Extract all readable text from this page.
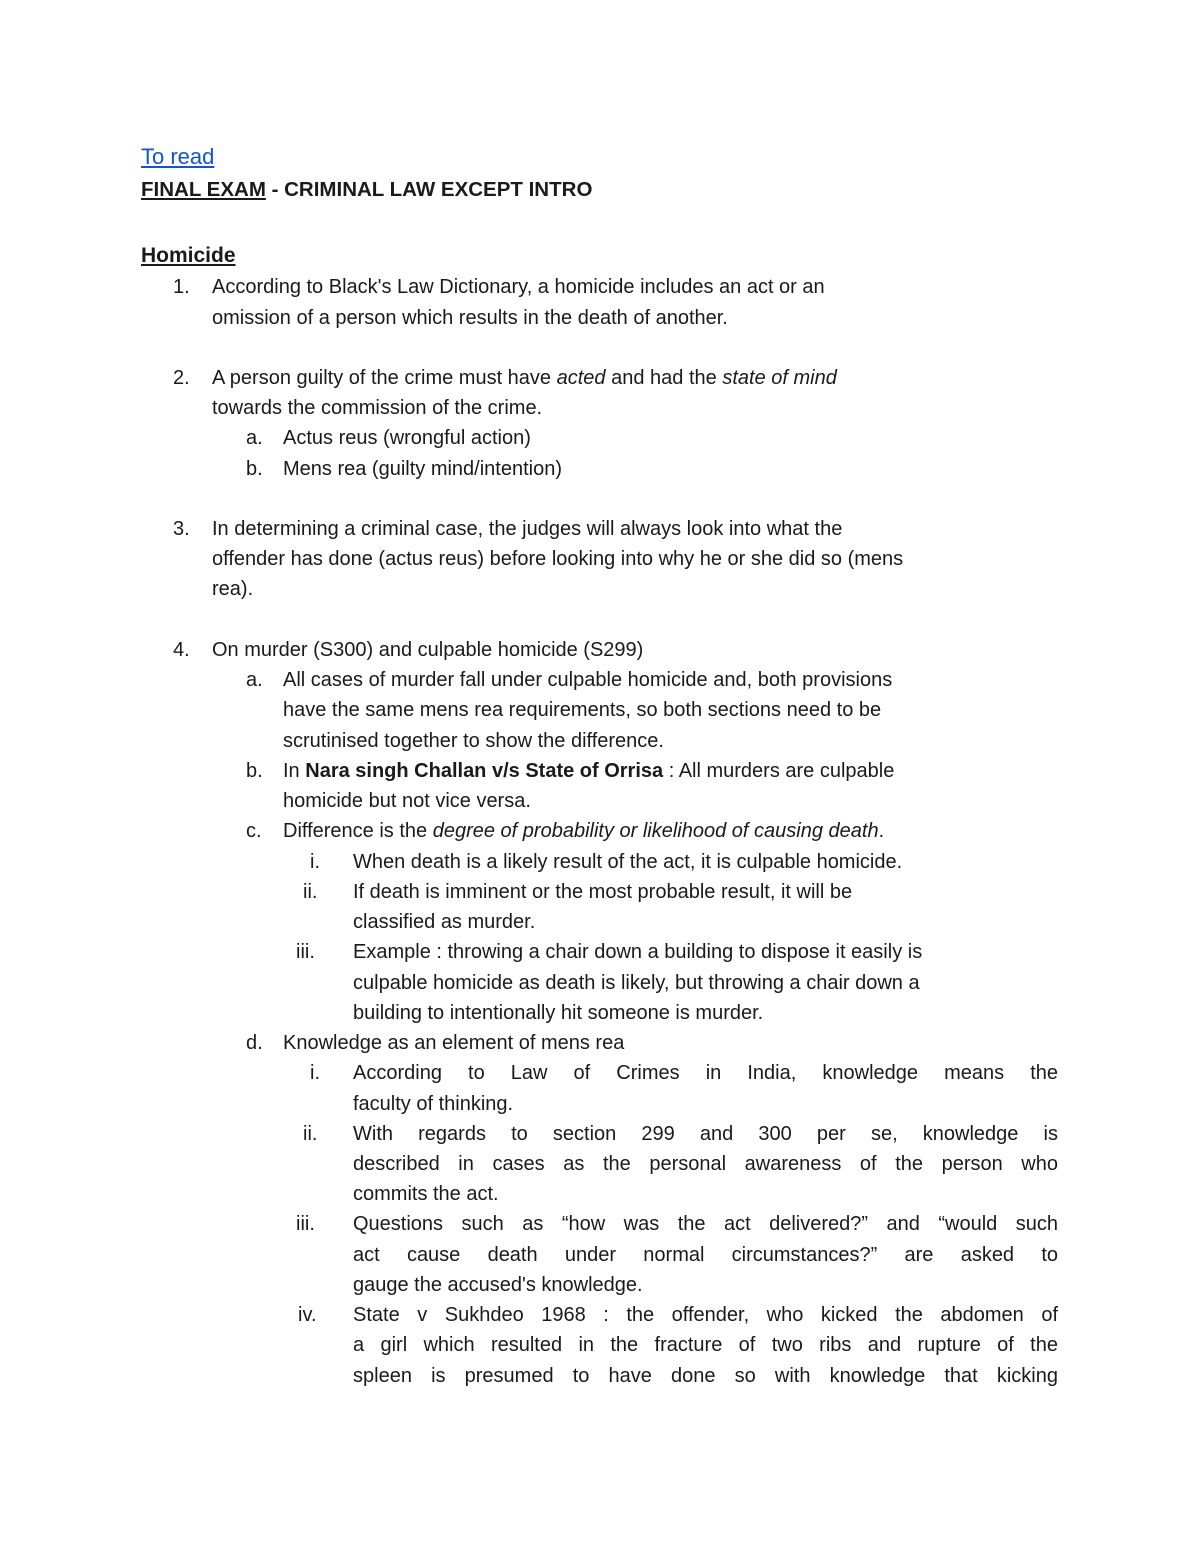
To read
FINAL EXAM - CRIMINAL LAW EXCEPT INTRO
Homicide
1. According to Black's Law Dictionary, a homicide includes an act or an
omission of a person which results in the death of another.
2. A person guilty of the crime must have acted and had the state of mind
towards the commission of the crime.
a. Actus reus (wrongful action)
b. Mens rea (guilty mind/intention)
3. In determining a criminal case, the judges will always look into what the
offender has done (actus reus) before looking into why he or she did so (mens
rea).
4. On murder (S300) and culpable homicide (S299)
a. All cases of murder fall under culpable homicide and, both provisions
have the same mens rea requirements, so both sections need to be
scrutinised together to show the difference.
b. In Nara singh Challan v/s State of Orrisa : All murders are culpable
homicide but not vice versa.
c. Difference is the degree of probability or likelihood of causing death.
i. When death is a likely result of the act, it is culpable homicide.
ii. If death is imminent or the most probable result, it will be
classified as murder.
iii. Example : throwing a chair down a building to dispose it easily is
culpable homicide as death is likely, but throwing a chair down a
building to intentionally hit someone is murder.
d. Knowledge as an element of mens rea
i. According to Law of Crimes in India, knowledge means the
faculty of thinking.
ii. With regards to section 299 and 300 per se, knowledge is
described in cases as the personal awareness of the person who
commits the act.
iii. Questions such as “how was the act delivered?” and “would such
act cause death under normal circumstances?” are asked to
gauge the accused's knowledge.
iv. State v Sukhdeo 1968 : the offender, who kicked the abdomen of
a girl which resulted in the fracture of two ribs and rupture of the
spleen is presumed to have done so with knowledge that kicking
